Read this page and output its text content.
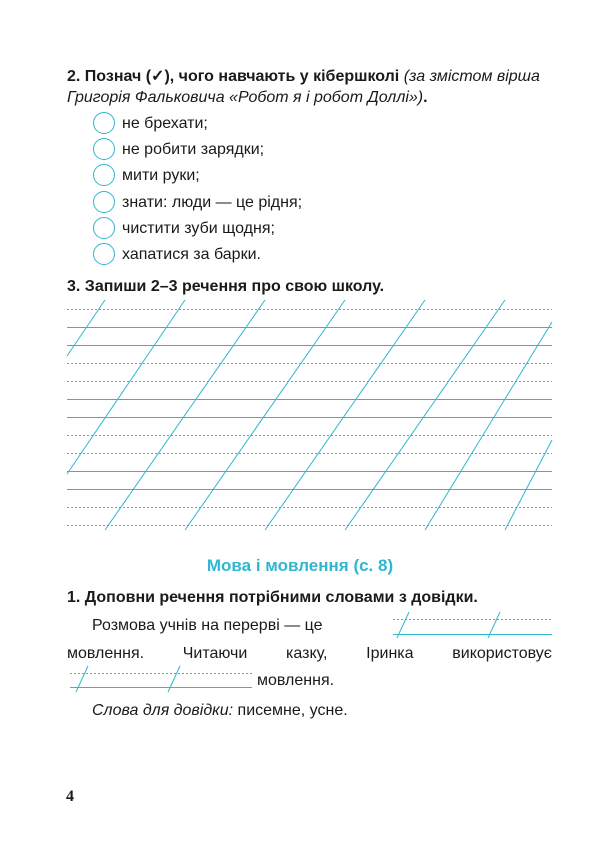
2. Познач (✓), чого навчають у кібершколі (за змістом вірша Григорія Фальковича «Робот я і робот Доллі»).
не брехати;
не робити зарядки;
мити руки;
знати: люди — це рідня;
чистити зуби щодня;
хапатися за барки.
3. Запиши 2–3 речення про свою школу.
Мова і мовлення (с. 8)
1. Доповни речення потрібними словами з довідки.
Розмова учнів на перерві — це
мовлення. Читаючи казку, Іринка використовує
мовлення.
Слова для довідки: писемне, усне.
4
